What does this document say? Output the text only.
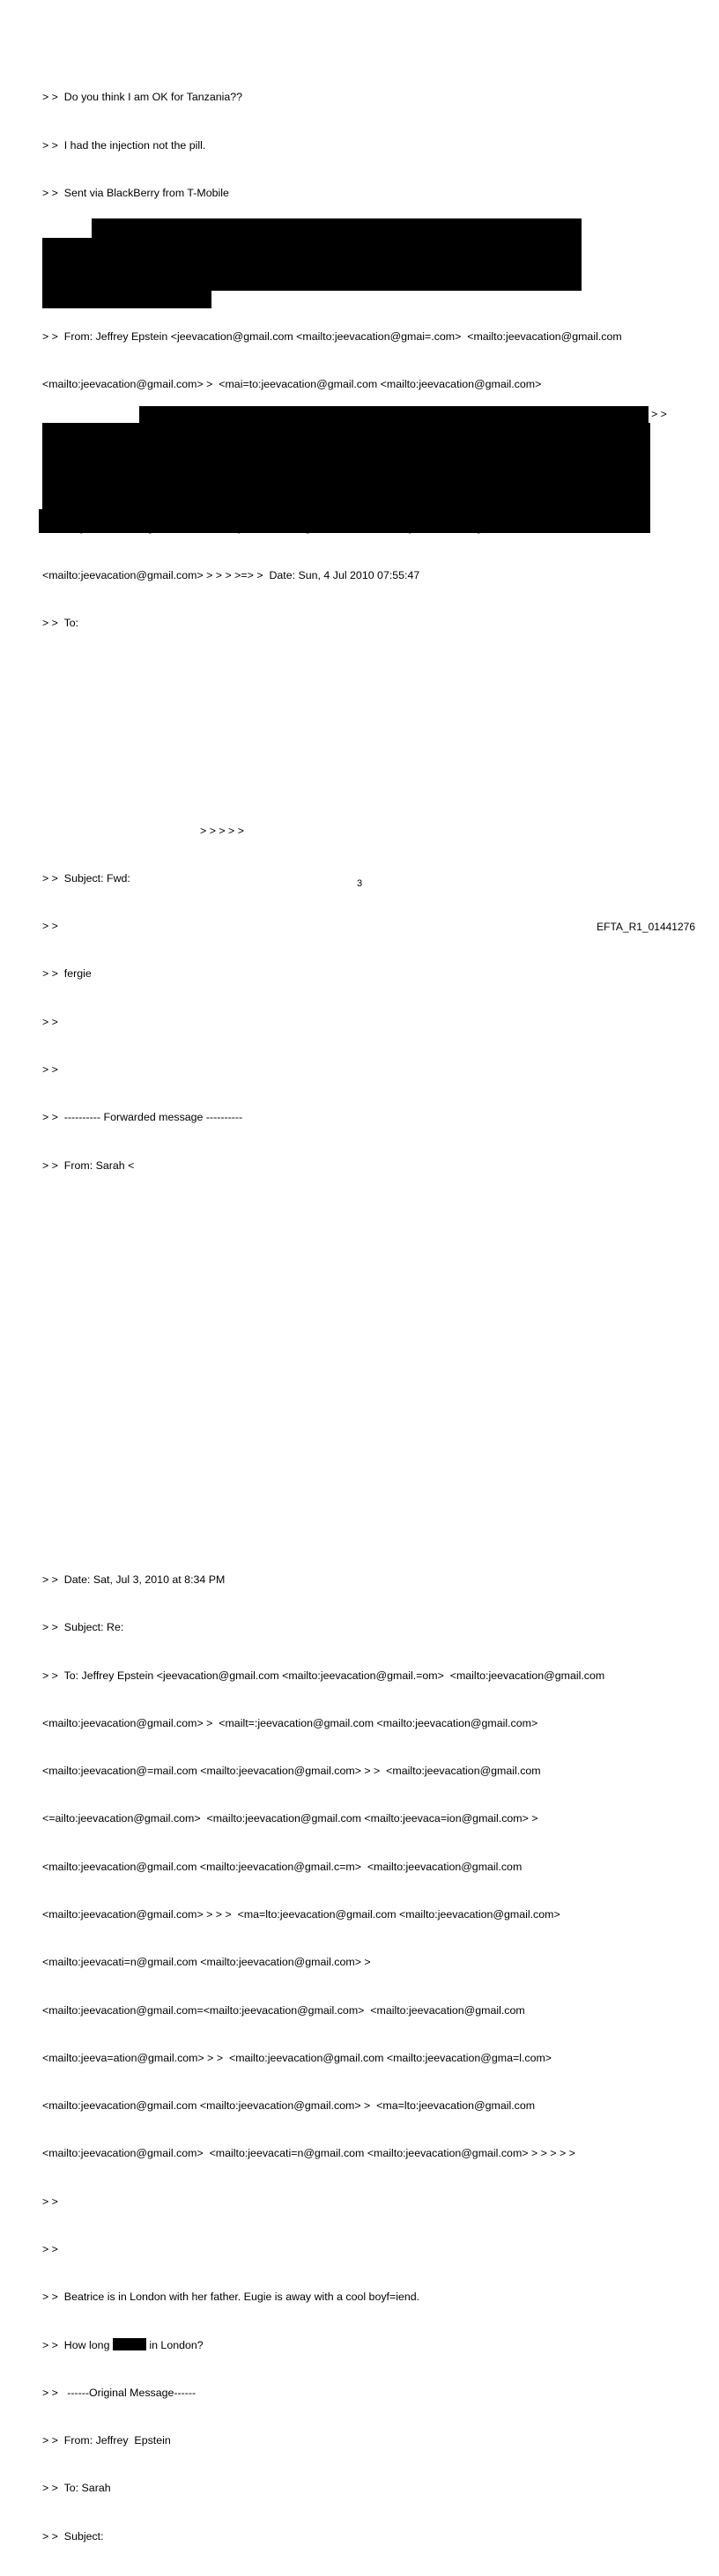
> >  Do you think I am OK for Tanzania??

> >  I had the injection not the pill.

> >  Sent via BlackBerry from T-Mobile

> >  From: Jeffrey Epstein <jeevacation@gmail.com <mailto:jeevacation@gmai=.com>  <mailto:jeevacation@gmail.com

<mailto:jeevacation@gmail.com> >  <mai=to:jeevacation@gmail.com <mailto:jeevacation@gmail.com>

<mailto:jeevacation@gmail.com> > > > >=> >  Date: Sun, 4 Jul 2010 07:55:47

> >  To:

> > > > >

> >  Subject: Fwd:

> >

> >  fergie

> >

> >

> >  ---------- Forwarded message ----------

> >  From: Sarah <

> >  Date: Sat, Jul 3, 2010 at 8:34 PM

> >  Subject: Re:

> >  To: Jeffrey Epstein <jeevacation@gmail.com <mailto:jeevacation@gmail.=om>  <mailto:jeevacation@gmail.com

<mailto:jeevacation@gmail.com> >  <mailt=:jeevacation@gmail.com <mailto:jeevacation@gmail.com>

<mailto:jeevacation@=mail.com <mailto:jeevacation@gmail.com> > >  <mailto:jeevacation@gmail.com

<=ailto:jeevacation@gmail.com>  <mailto:jeevacation@gmail.com <mailto:jeevaca=ion@gmail.com> >

<mailto:jeevacation@gmail.com <mailto:jeevacation@gmail.c=m>  <mailto:jeevacation@gmail.com

<mailto:jeevacation@gmail.com> > > >  <ma=lto:jeevacation@gmail.com <mailto:jeevacation@gmail.com>

<mailto:jeevacati=n@gmail.com <mailto:jeevacation@gmail.com> >

<mailto:jeevacation@gmail.com=<mailto:jeevacation@gmail.com>  <mailto:jeevacation@gmail.com

<mailto:jeeva=ation@gmail.com> > >  <mailto:jeevacation@gmail.com <mailto:jeevacation@gma=l.com>

<mailto:jeevacation@gmail.com <mailto:jeevacation@gmail.com> >  <ma=lto:jeevacation@gmail.com

<mailto:jeevacation@gmail.com>  <mailto:jeevacati=n@gmail.com <mailto:jeevacation@gmail.com> > > > > >

> >

> >

> >  Beatrice is in London with her father. Eugie is away with a cool boyf=iend.

> >  How long	in London?

> >   ------Original Message------

> >  From: Jeffrey  Epstein

> >  To: Sarah

> >  Subject:

> >
3
EFTA_R1_01441276
